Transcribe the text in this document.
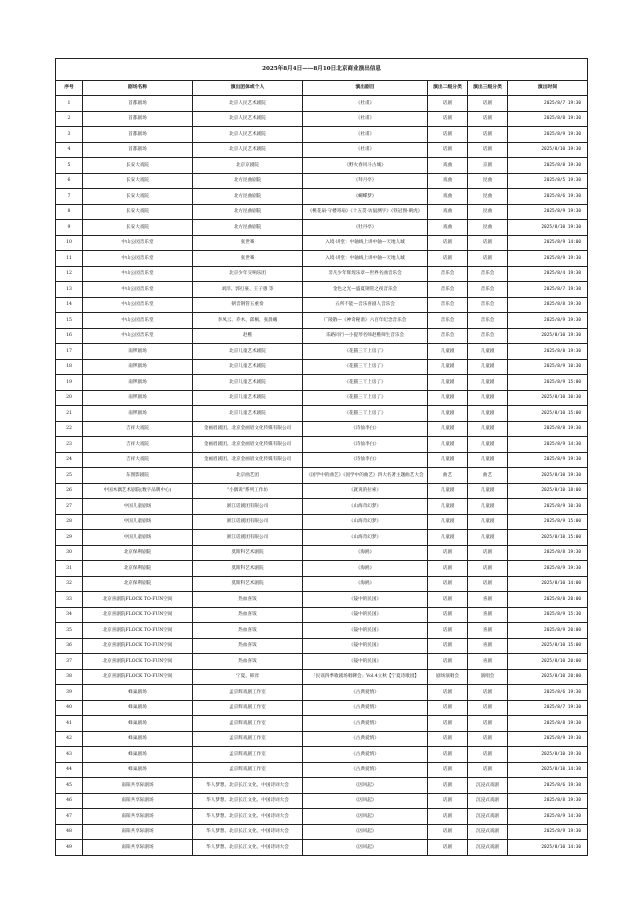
2025年8月4日——8月10日北京商业演出信息						
序号	剧场名称	演出团体或个人	演出剧目	演出二级分类	演出三级分类	演出时间
1	首都剧场	北京人民艺术剧院	《杜甫》	话剧	话剧	2025/8/7 19:30
2	首都剧场	北京人民艺术剧院	《杜甫》	话剧	话剧	2025/8/8 19:30
3	首都剧场	北京人民艺术剧院	《杜甫》	话剧	话剧	2025/8/9 19:30
4	首都剧场	北京人民艺术剧院	《杜甫》	话剧	话剧	2025/8/10 19:30
5	长安大戏院	北京京剧院	《野火春风斗古城》	戏曲	京剧	2025/8/8 19:30
6	长安大戏院	北方昆曲剧院	《拜月亭》	戏曲	昆曲	2025/8/5 19:30
7	长安大戏院	北方昆曲剧院	《蝴蝶梦》	戏曲	昆曲	2025/8/6 19:30
8	长安大戏院	北方昆曲剧院	《桃花扇·守楼寄扇》《十五贯·访鼠测字》《铁冠图·刺虎》	戏曲	昆曲	2025/8/9 19:30
9	长安大戏院	北方昆曲剧院	《牡丹亭》	戏曲	昆曲	2025/8/10 19:30
10	中山公园音乐堂	张世骞	入境·讲堂：中轴线上讲中轴—天地人城	话剧	话剧	2025/8/9 14:00
11	中山公园音乐堂	张世骞	入境·讲堂：中轴线上讲中轴—天地人城	话剧	话剧	2025/8/9 19:30
12	中山公园音乐堂	北京少年交响乐团	非凡少年辉煌乐章—世界名曲音乐会	音乐会	音乐会	2025/8/4 19:30
13	中山公园音乐堂	刘洋、郭打豪、王子愚 等	金色之光—盛夏钢管之夜音乐会	音乐会	音乐会	2025/8/7 19:30
14	中山公园音乐堂	朝音钢管五重奏	五所不能—音乐喜剧人音乐会	音乐会	音乐会	2025/8/8 19:30
15	中山公园音乐堂	李凤云、乔木、邱桐、张晨曦	广陵散—《神奇秘谱》六百年纪念音乐会	音乐会	音乐会	2025/8/9 19:30
16	中山公园音乐堂	赵樵	乐路同行—小提琴名师赵樵师生音乐会	音乐会	音乐会	2025/8/10 19:30
17	南锣剧场	北京儿童艺术剧院	《花猫三丫上房了》	儿童剧	儿童剧	2025/8/8 19:30
18	南锣剧场	北京儿童艺术剧院	《花猫三丫上房了》	儿童剧	儿童剧	2025/8/9 10:30
19	南锣剧场	北京儿童艺术剧院	《花猫三丫上房了》	儿童剧	儿童剧	2025/8/9 15:00
20	南锣剧场	北京儿童艺术剧院	《花猫三丫上房了》	儿童剧	儿童剧	2025/8/10 10:30
21	南锣剧场	北京儿童艺术剧院	《花猫三丫上房了》	儿童剧	儿童剧	2025/8/10 15:00
22	吉祥大戏院	金画眉剧团、北京金画眉文化传媒有限公司	《诗仙李白》	儿童剧	儿童剧	2025/8/8 19:30
23	吉祥大戏院	金画眉剧团、北京金画眉文化传媒有限公司	《诗仙李白》	儿童剧	儿童剧	2025/8/9 14:30
24	吉祥大戏院	金画眉剧团、北京金画眉文化传媒有限公司	《诗仙李白》	儿童剧	儿童剧	2025/8/9 19:30
25	东图影剧院	北京曲艺团	《国学中的曲艺》《国学中的曲艺》四大名著主题曲艺大会	曲艺	曲艺	2025/8/10 19:30
26	中国木偶艺术剧院(数字品牌中心)	"小偶说"系列工作坊	《就说的拉索》	儿童剧	儿童剧	2025/8/10 18:00
27	中国儿童剧场	浙江话剧团有限公司	《山海奇幻梦》	儿童剧	儿童剧	2025/8/9 10:30
28	中国儿童剧场	浙江话剧团有限公司	《山海奇幻梦》	儿童剧	儿童剧	2025/8/9 15:00
29	中国儿童剧场	浙江话剧团有限公司	《山海奇幻梦》	儿童剧	儿童剧	2025/8/10 15:00
30	北京保利剧院	莫斯科艺术剧院	《海鸥》	话剧	话剧	2025/8/8 19:30
31	北京保利剧院	莫斯科艺术剧院	《海鸥》	话剧	话剧	2025/8/9 19:30
32	北京保利剧院	莫斯科艺术剧院	《海鸥》	话剧	话剧	2025/8/10 14:00
33	北京喜剧院FLOCK TO·FUN空间	热血喜饭	《镜中的民国》	话剧	喜剧	2025/8/8 20:00
34	北京喜剧院FLOCK TO·FUN空间	热血喜饭	《镜中的民国》	话剧	喜剧	2025/8/9 15:30
35	北京喜剧院FLOCK TO·FUN空间	热血喜饭	《镜中的民国》	话剧	喜剧	2025/8/9 20:00
36	北京喜剧院FLOCK TO·FUN空间	热血喜饭	《镜中的民国》	话剧	喜剧	2025/8/10 15:00
37	北京喜剧院FLOCK TO·FUN空间	热血喜饭	《镜中的民国》	话剧	喜剧	2025/8/10 20:00
38	北京喜剧院FLOCK TO·FUN空间	宁夏、韩淳	「民谣四季歌剧场唱聊会」Vol.4立秋【宁夏诗歌园】	剧场演唱会	演唱会	2025/8/10 20:00
39	蜂巢剧场	孟京辉戏剧工作室	《古典爱情》	话剧	话剧	2025/8/6 19:30
40	蜂巢剧场	孟京辉戏剧工作室	《古典爱情》	话剧	话剧	2025/8/7 19:30
41	蜂巢剧场	孟京辉戏剧工作室	《古典爱情》	话剧	话剧	2025/8/8 19:30
42	蜂巢剧场	孟京辉戏剧工作室	《古典爱情》	话剧	话剧	2025/8/9 19:30
43	蜂巢剧场	孟京辉戏剧工作室	《古典爱情》	话剧	话剧	2025/8/10 19:30
44	蜂巢剧场	孟京辉戏剧工作室	《古典爱情》	话剧	话剧	2025/8/10 14:30
45	南阳共享际剧场	华人梦想、北京长江文化、中国诗词大会	《因风起》	话剧	沉浸式戏剧	2025/8/6 19:30
46	南阳共享际剧场	华人梦想、北京长江文化、中国诗词大会	《因风起》	话剧	沉浸式戏剧	2025/8/8 19:30
47	南阳共享际剧场	华人梦想、北京长江文化、中国诗词大会	《因风起》	话剧	沉浸式戏剧	2025/8/9 14:30
48	南阳共享际剧场	华人梦想、北京长江文化、中国诗词大会	《因风起》	话剧	沉浸式戏剧	2025/8/9 19:30
49	南阳共享际剧场	华人梦想、北京长江文化、中国诗词大会	《因风起》	话剧	沉浸式戏剧	2025/8/10 14:30
